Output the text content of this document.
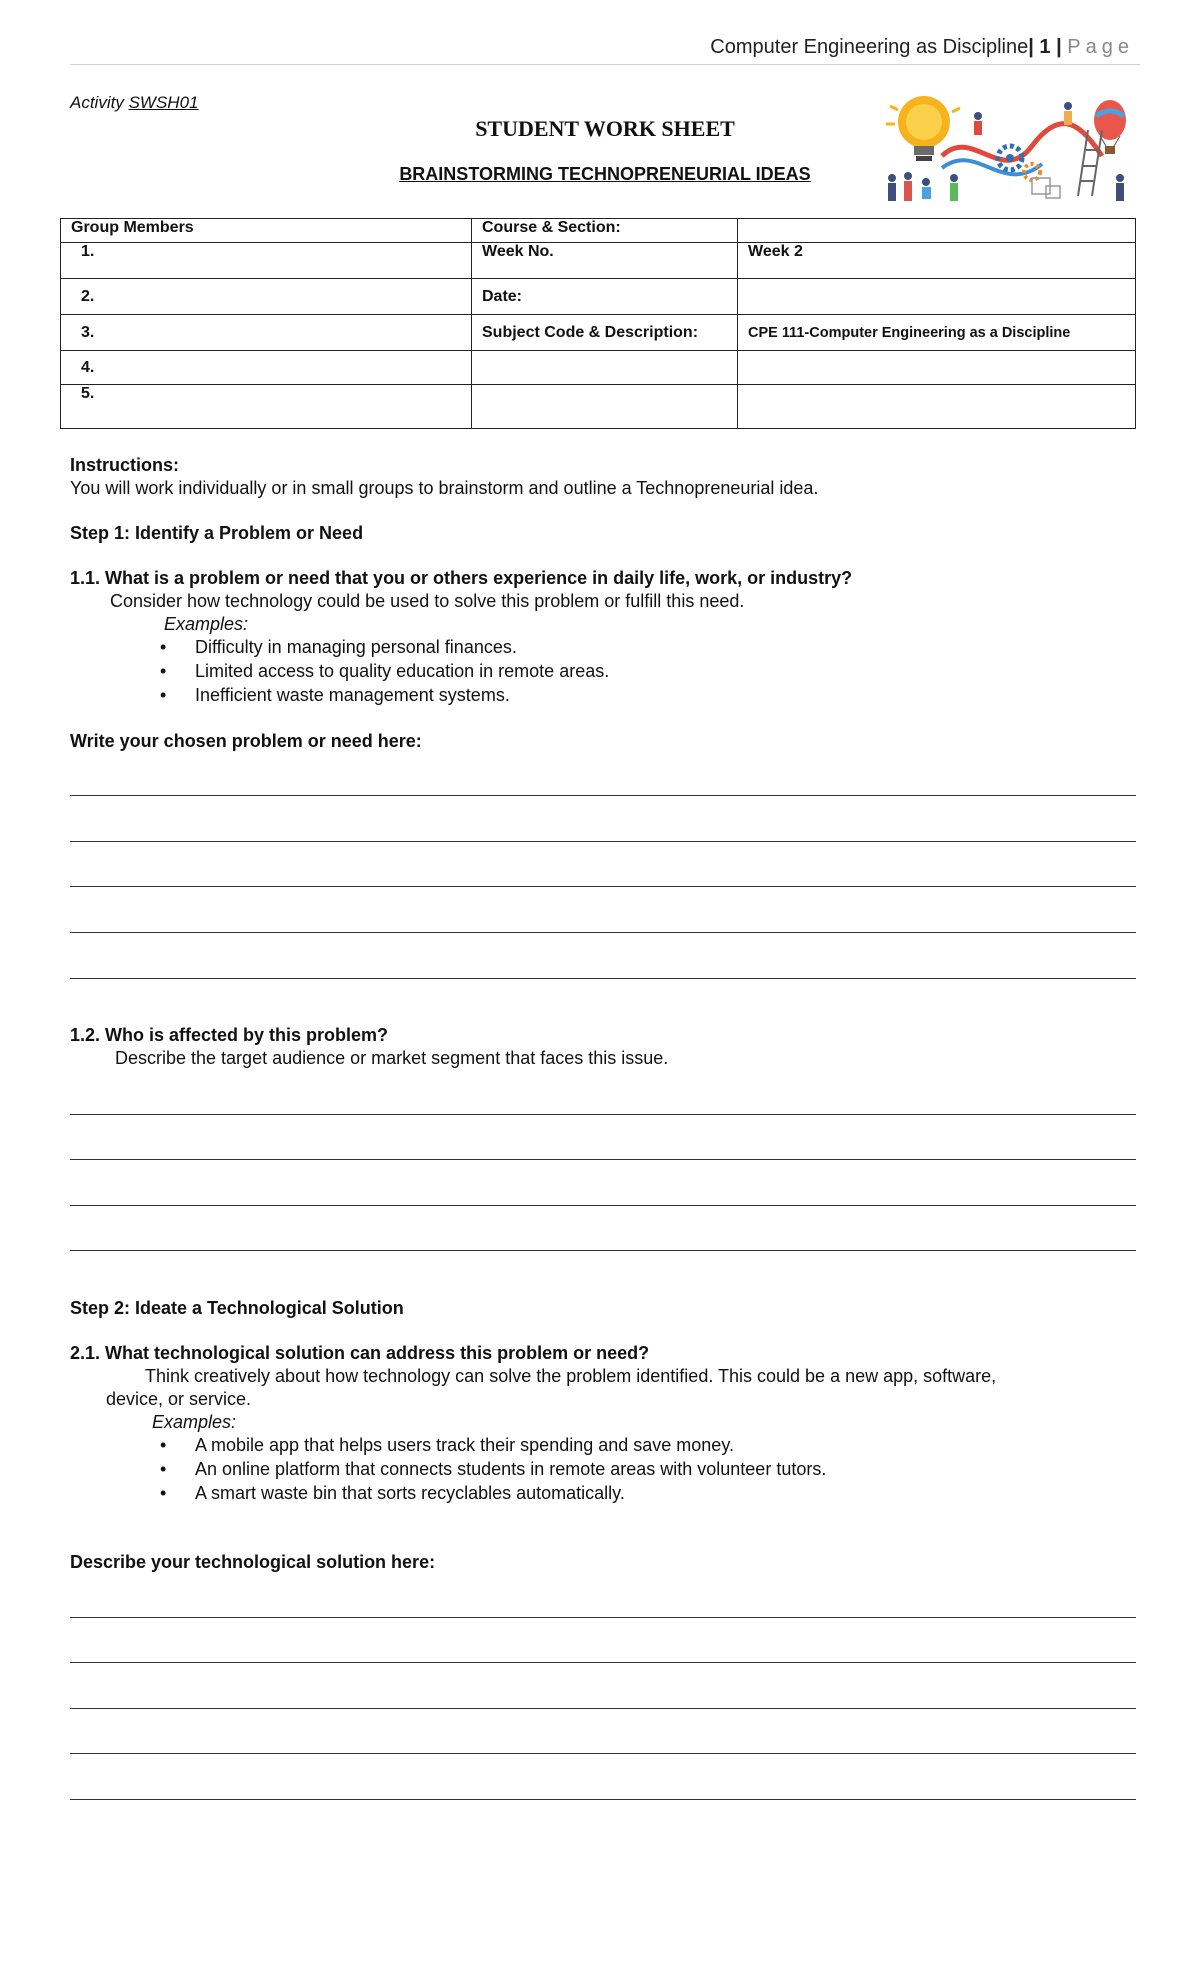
Computer Engineering as Discipline| 1 | Page
Activity SWSH01
STUDENT WORK SHEET
BRAINSTORMING TECHNOPRENEURIAL IDEAS
Group Members	Course & Section:	
1.	Week No.	Week 2
2.	Date:	
3.	Subject Code & Description:	CPE 111-Computer Engineering as a Discipline
4.		
5.		
Instructions:
You will work individually or in small groups to brainstorm and outline a Technopreneurial idea.
Step 1: Identify a Problem or Need
1.1. What is a problem or need that you or others experience in daily life, work, or industry?
Consider how technology could be used to solve this problem or fulfill this need.
Examples:
• Difficulty in managing personal finances.
• Limited access to quality education in remote areas.
• Inefficient waste management systems.
Write your chosen problem or need here:
1.2. Who is affected by this problem?
Describe the target audience or market segment that faces this issue.
Step 2: Ideate a Technological Solution
2.1. What technological solution can address this problem or need?
Think creatively about how technology can solve the problem identified. This could be a new app, software,
device, or service.
Examples:
• A mobile app that helps users track their spending and save money.
• An online platform that connects students in remote areas with volunteer tutors.
• A smart waste bin that sorts recyclables automatically.
Describe your technological solution here:
